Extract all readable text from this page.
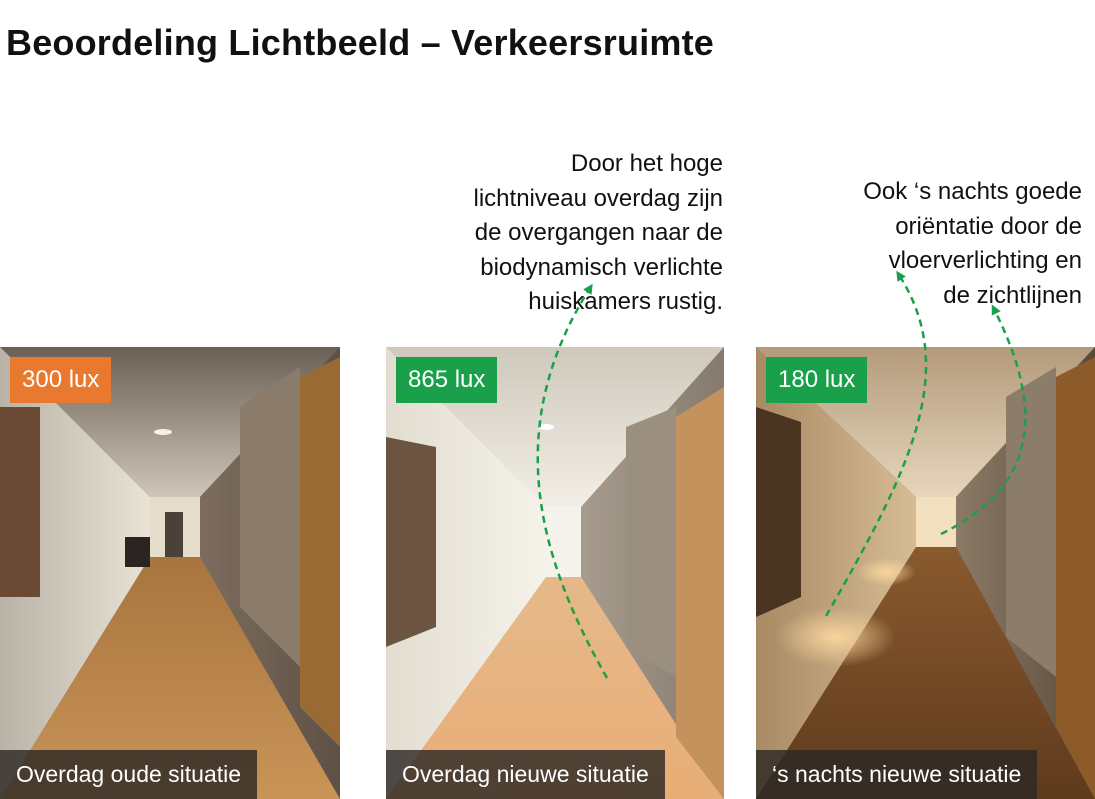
Beoordeling Lichtbeeld – Verkeersruimte
Door het hoge
lichtniveau overdag zijn
de overgangen naar de
biodynamisch verlichte
huiskamers rustig.
Ook ‘s nachts goede
oriëntatie door de
vloerverlichting en
de zichtlijnen
300 lux
Overdag oude situatie
865 lux
Overdag nieuwe situatie
180 lux
‘s nachts nieuwe situatie
